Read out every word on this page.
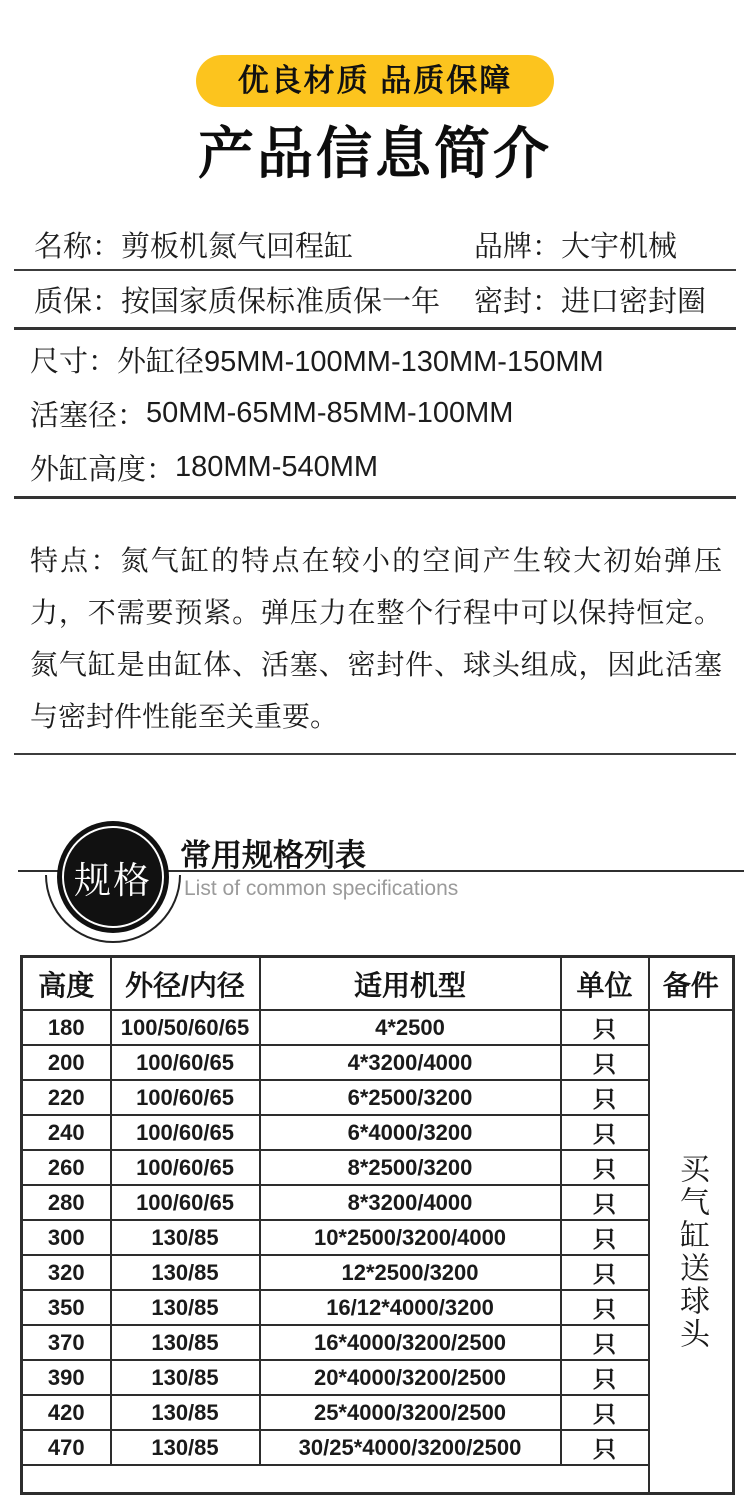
优良材质 品质保障
产品信息简介
名称：剪板机氮气回程缸	品牌：大宇机械
质保：按国家质保标准质保一年	密封：进口密封圈
尺寸： 外缸径95MM-100MM-130MM-150MM
活塞径： 50MM-65MM-85MM-100MM
外缸高度： 180MM-540MM

特点：氮气缸的特点在较小的空间产生较大初始弹压力，不需要预紧。弹压力在整个行程中可以保持恒定。氮气缸是由缸体、活塞、密封件、球头组成，因此活塞与密封件性能至关重要。

规格
常用规格列表
List of common specifications
高度	外径/内径	适用机型	单位	备件
180	100/50/60/65	4*2500	只	买气缸送球头

200	100/60/65	4*3200/4000	只	
220	100/60/65	6*2500/3200	只	
240	100/60/65	6*4000/3200	只	
260	100/60/65	8*2500/3200	只	
280	100/60/65	8*3200/4000	只	
300	130/85	10*2500/3200/4000	只	
320	130/85	12*2500/3200	只	
350	130/85	16/12*4000/3200	只	
370	130/85	16*4000/3200/2500	只	
390	130/85	20*4000/3200/2500	只	
420	130/85	25*4000/3200/2500	只	
470	130/85	30/25*4000/3200/2500	只	
